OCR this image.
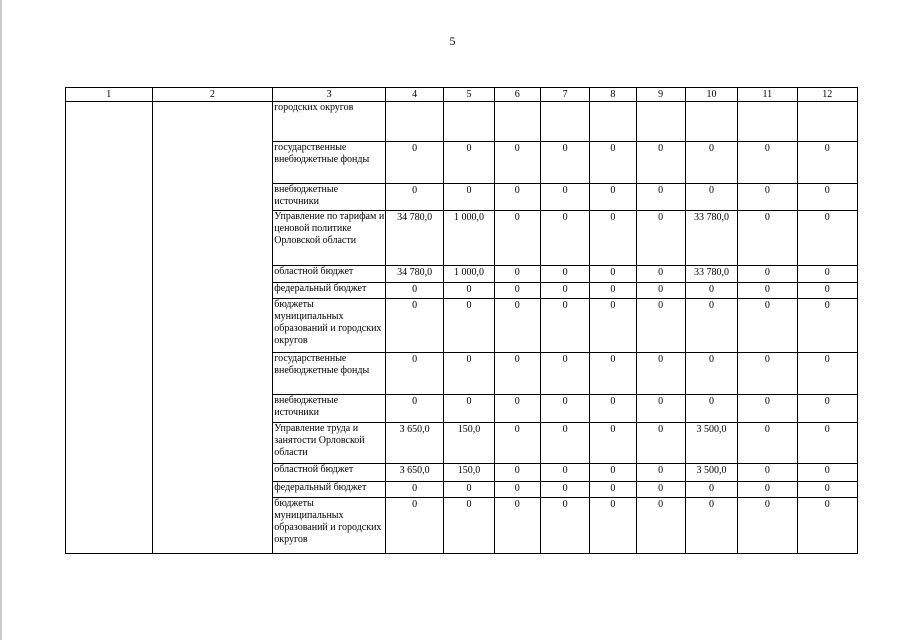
5
1	2	3	4	5	6	7	8	9	10	11	12
		городских округов									
		государственные внебюджетные фонды	0	0	0	0	0	0	0	0	0
		внебюджетные источники	0	0	0	0	0	0	0	0	0
		Управление по тарифам и ценовой политике Орловской области	34 780,0	1 000,0	0	0	0	0	33 780,0	0	0
		областной бюджет	34 780,0	1 000,0	0	0	0	0	33 780,0	0	0
		федеральный бюджет	0	0	0	0	0	0	0	0	0
		бюджеты муниципальных образований и городских округов	0	0	0	0	0	0	0	0	0
		государственные внебюджетные фонды	0	0	0	0	0	0	0	0	0
		внебюджетные источники	0	0	0	0	0	0	0	0	0
		Управление труда и занятости Орловской области	3 650,0	150,0	0	0	0	0	3 500,0	0	0
		областной бюджет	3 650,0	150,0	0	0	0	0	3 500,0	0	0
		федеральный бюджет	0	0	0	0	0	0	0	0	0
		бюджеты муниципальных образований и городских округов	0	0	0	0	0	0	0	0	0
